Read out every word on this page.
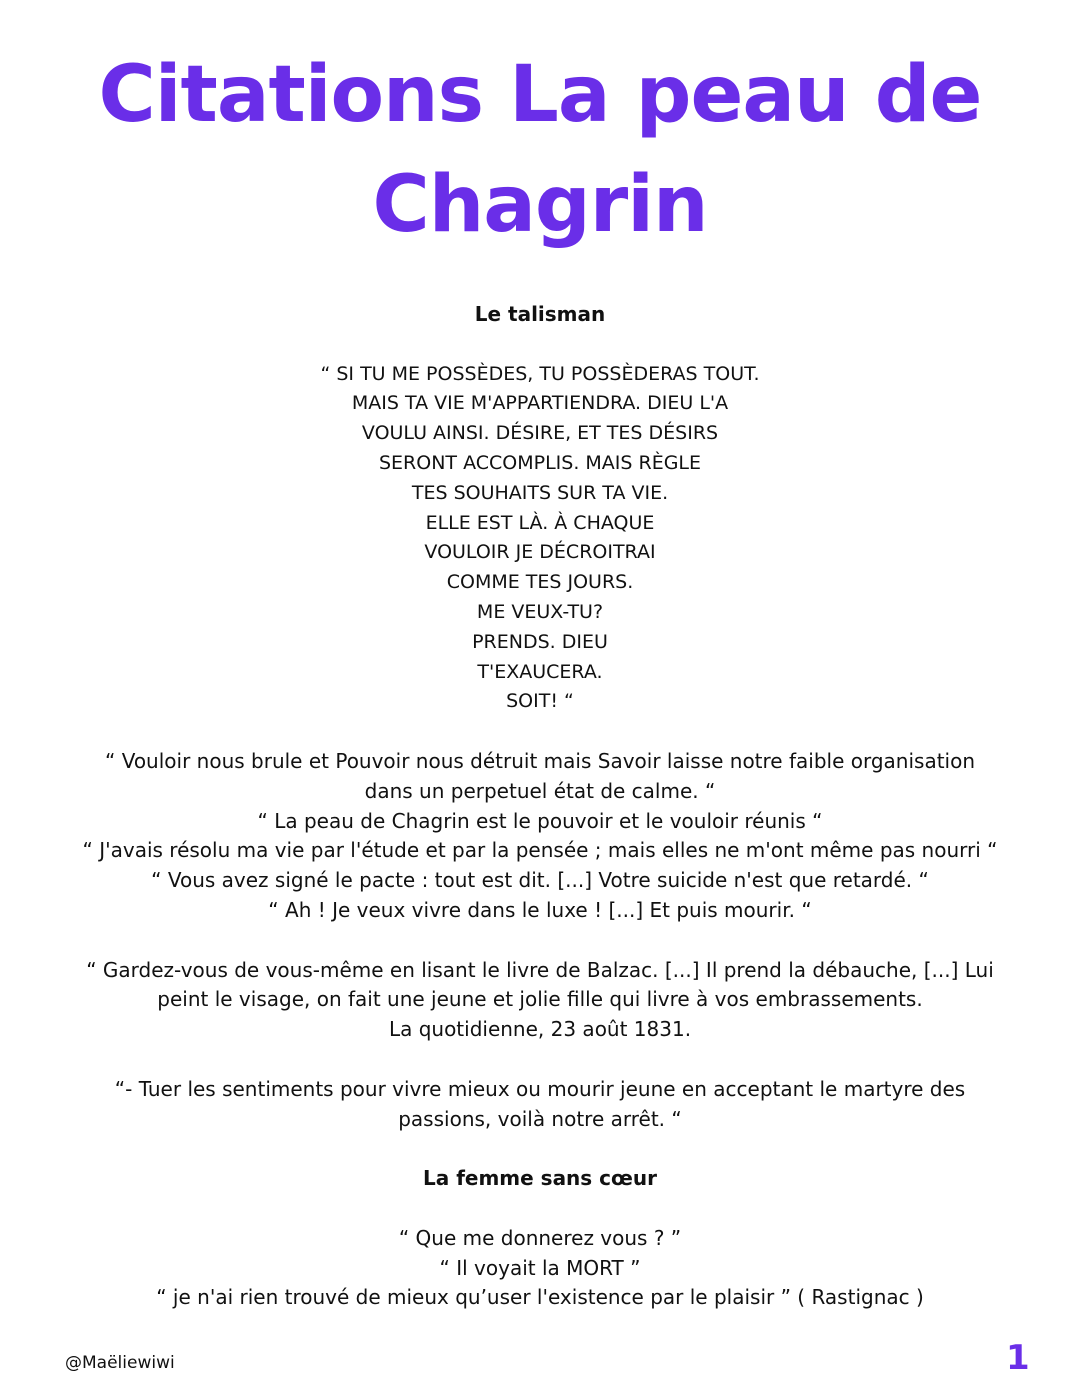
Citations La peau de
Chagrin
Le talisman
“ SI TU ME POSSÈDES, TU POSSÈDERAS TOUT.
MAIS TA VIE M'APPARTIENDRA. DIEU L'A
VOULU AINSI. DÉSIRE, ET TES DÉSIRS
SERONT ACCOMPLIS. MAIS RÈGLE
TES SOUHAITS SUR TA VIE.
ELLE EST LÀ. À CHAQUE
VOULOIR JE DÉCROITRAI
COMME TES JOURS.
ME VEUX-TU?
PRENDS. DIEU
T'EXAUCERA.
SOIT! “
“ Vouloir nous brule et Pouvoir nous détruit mais Savoir laisse notre faible organisation
dans un perpetuel état de calme. “
“ La peau de Chagrin est le pouvoir et le vouloir réunis “
“ J'avais résolu ma vie par l'étude et par la pensée ; mais elles ne m'ont même pas nourri “
“ Vous avez signé le pacte : tout est dit. [...] Votre suicide n'est que retardé. “
“ Ah ! Je veux vivre dans le luxe ! [...] Et puis mourir. “
“ Gardez-vous de vous-même en lisant le livre de Balzac. [...] Il prend la débauche, [...] Lui
peint le visage, on fait une jeune et jolie fille qui livre à vos embrassements.
La quotidienne, 23 août 1831.
“- Tuer les sentiments pour vivre mieux ou mourir jeune en acceptant le martyre des
passions, voilà notre arrêt. “
La femme sans cœur
“ Que me donnerez vous ? ”
“ Il voyait la MORT ”
“ je n'ai rien trouvé de mieux qu’user l'existence par le plaisir ” ( Rastignac )
@Maëliewiwi	1
